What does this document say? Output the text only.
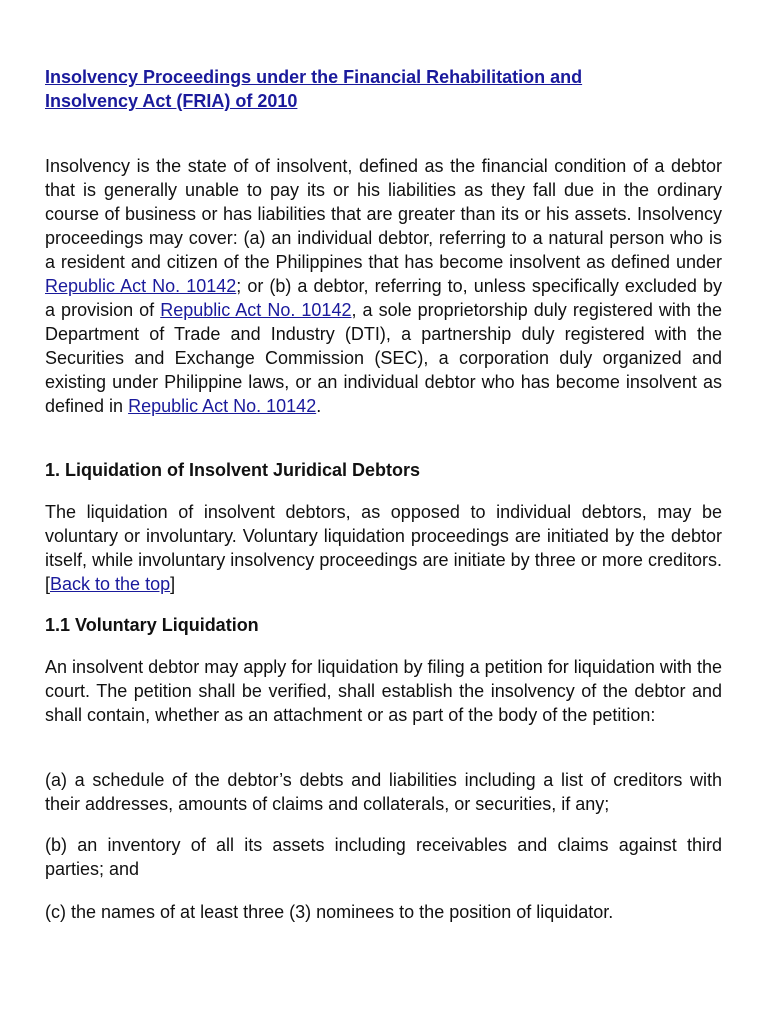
Insolvency Proceedings under the Financial Rehabilitation and
Insolvency Act (FRIA) of 2010

Insolvency is the state of of insolvent, defined as the financial condition of a debtor that is generally unable to pay its or his liabilities as they fall due in the ordinary course of business or has liabilities that are greater than its or his assets. Insolvency proceedings may cover: (a) an individual debtor, referring to a natural person who is a resident and citizen of the Philippines that has become insolvent as defined under Republic Act No. 10142; or (b) a debtor, referring to, unless specifically excluded by a provision of Republic Act No. 10142, a sole proprietorship duly registered with the Department of Trade and Industry (DTI), a partnership duly registered with the Securities and Exchange Commission (SEC), a corporation duly organized and existing under Philippine laws, or an individual debtor who has become insolvent as defined in Republic Act No. 10142.

1. Liquidation of Insolvent Juridical Debtors

The liquidation of insolvent debtors, as opposed to individual debtors, may be voluntary or involuntary. Voluntary liquidation proceedings are initiated by the debtor itself, while involuntary insolvency proceedings are initiate by three or more creditors. [Back to the top]

1.1 Voluntary Liquidation

An insolvent debtor may apply for liquidation by filing a petition for liquidation with the court. The petition shall be verified, shall establish the insolvency of the debtor and shall contain, whether as an attachment or as part of the body of the petition:

(a) a schedule of the debtor’s debts and liabilities including a list of creditors with their addresses, amounts of claims and collaterals, or securities, if any;

(b) an inventory of all its assets including receivables and claims against third parties; and

(c) the names of at least three (3) nominees to the position of liquidator.
